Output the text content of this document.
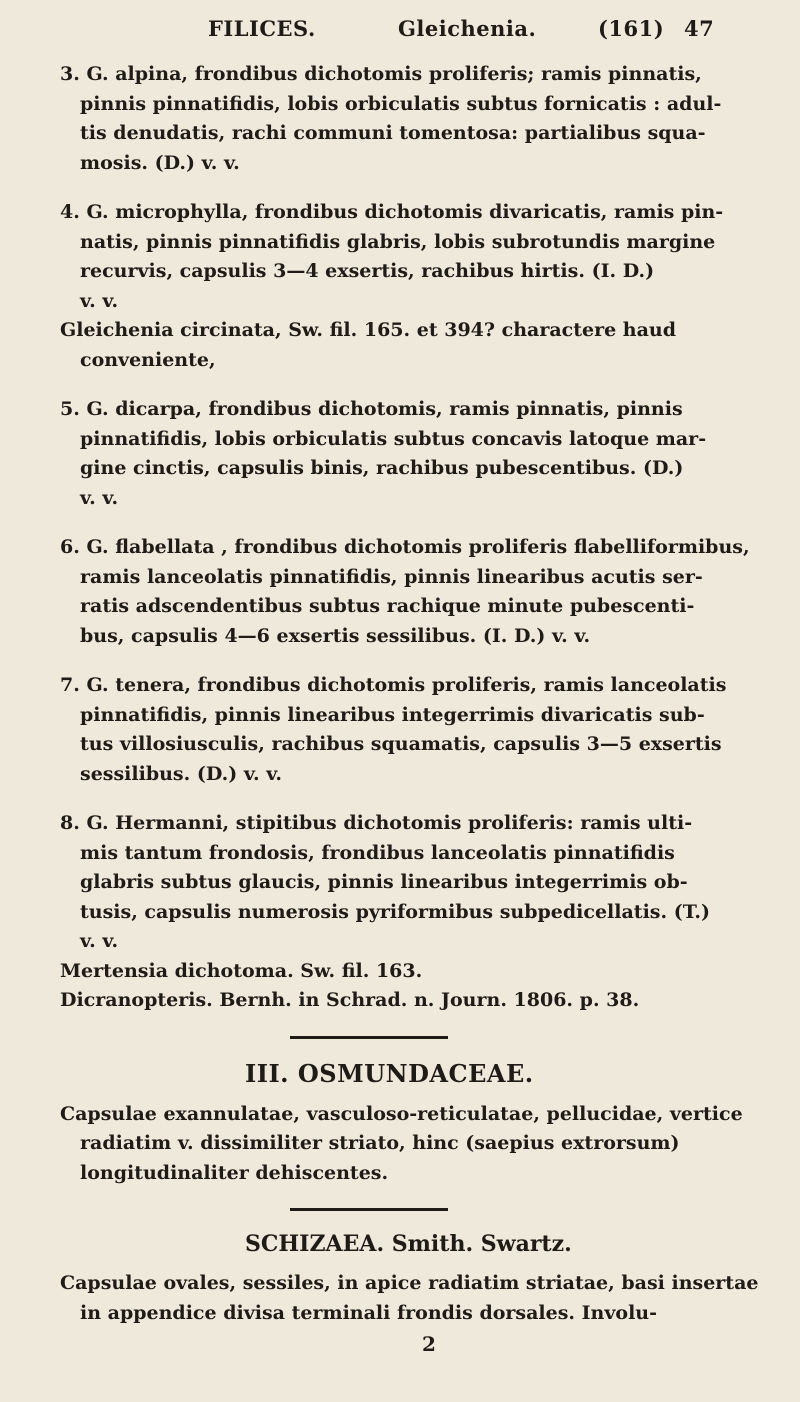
FILICES.	Gleichenia.	(161) 47
3. G. alpina, frondibus dichotomis proliferis; ramis pinnatis,
pinnis pinnatifidis, lobis orbiculatis subtus fornicatis : adul-
tis denudatis, rachi communi tomentosa: partialibus squa-
mosis. (D.) v. v.
4. G. microphylla, frondibus dichotomis divaricatis, ramis pin-
natis, pinnis pinnatifidis glabris, lobis subrotundis margine
recurvis, capsulis 3—4 exsertis, rachibus hirtis. (I. D.)
v. v.
Gleichenia circinata, Sw. fil. 165. et 394? charactere haud
conveniente,
5. G. dicarpa, frondibus dichotomis, ramis pinnatis, pinnis
pinnatifidis, lobis orbiculatis subtus concavis latoque mar-
gine cinctis, capsulis binis, rachibus pubescentibus. (D.)
v. v.
6. G. flabellata , frondibus dichotomis proliferis flabelliformibus,
ramis lanceolatis pinnatifidis, pinnis linearibus acutis ser-
ratis adscendentibus subtus rachique minute pubescenti-
bus, capsulis 4—6 exsertis sessilibus. (I. D.) v. v.
7. G. tenera, frondibus dichotomis proliferis, ramis lanceolatis
pinnatifidis, pinnis linearibus integerrimis divaricatis sub-
tus villosiusculis, rachibus squamatis, capsulis 3—5 exsertis
sessilibus. (D.) v. v.
8. G. Hermanni, stipitibus dichotomis proliferis: ramis ulti-
mis tantum frondosis, frondibus lanceolatis pinnatifidis
glabris subtus glaucis, pinnis linearibus integerrimis ob-
tusis, capsulis numerosis pyriformibus subpedicellatis. (T.)
v. v.
Mertensia dichotoma. Sw. fil. 163.
Dicranopteris. Bernh. in Schrad. n. Journ. 1806. p. 38.
III. OSMUNDACEAE.
Capsulae exannulatae, vasculoso-reticulatae, pellucidae, vertice
radiatim v. dissimiliter striato, hinc (saepius extrorsum)
longitudinaliter dehiscentes.
SCHIZAEA. Smith. Swartz.
Capsulae ovales, sessiles, in apice radiatim striatae, basi insertae
in appendice divisa terminali frondis dorsales. Involu-
2
